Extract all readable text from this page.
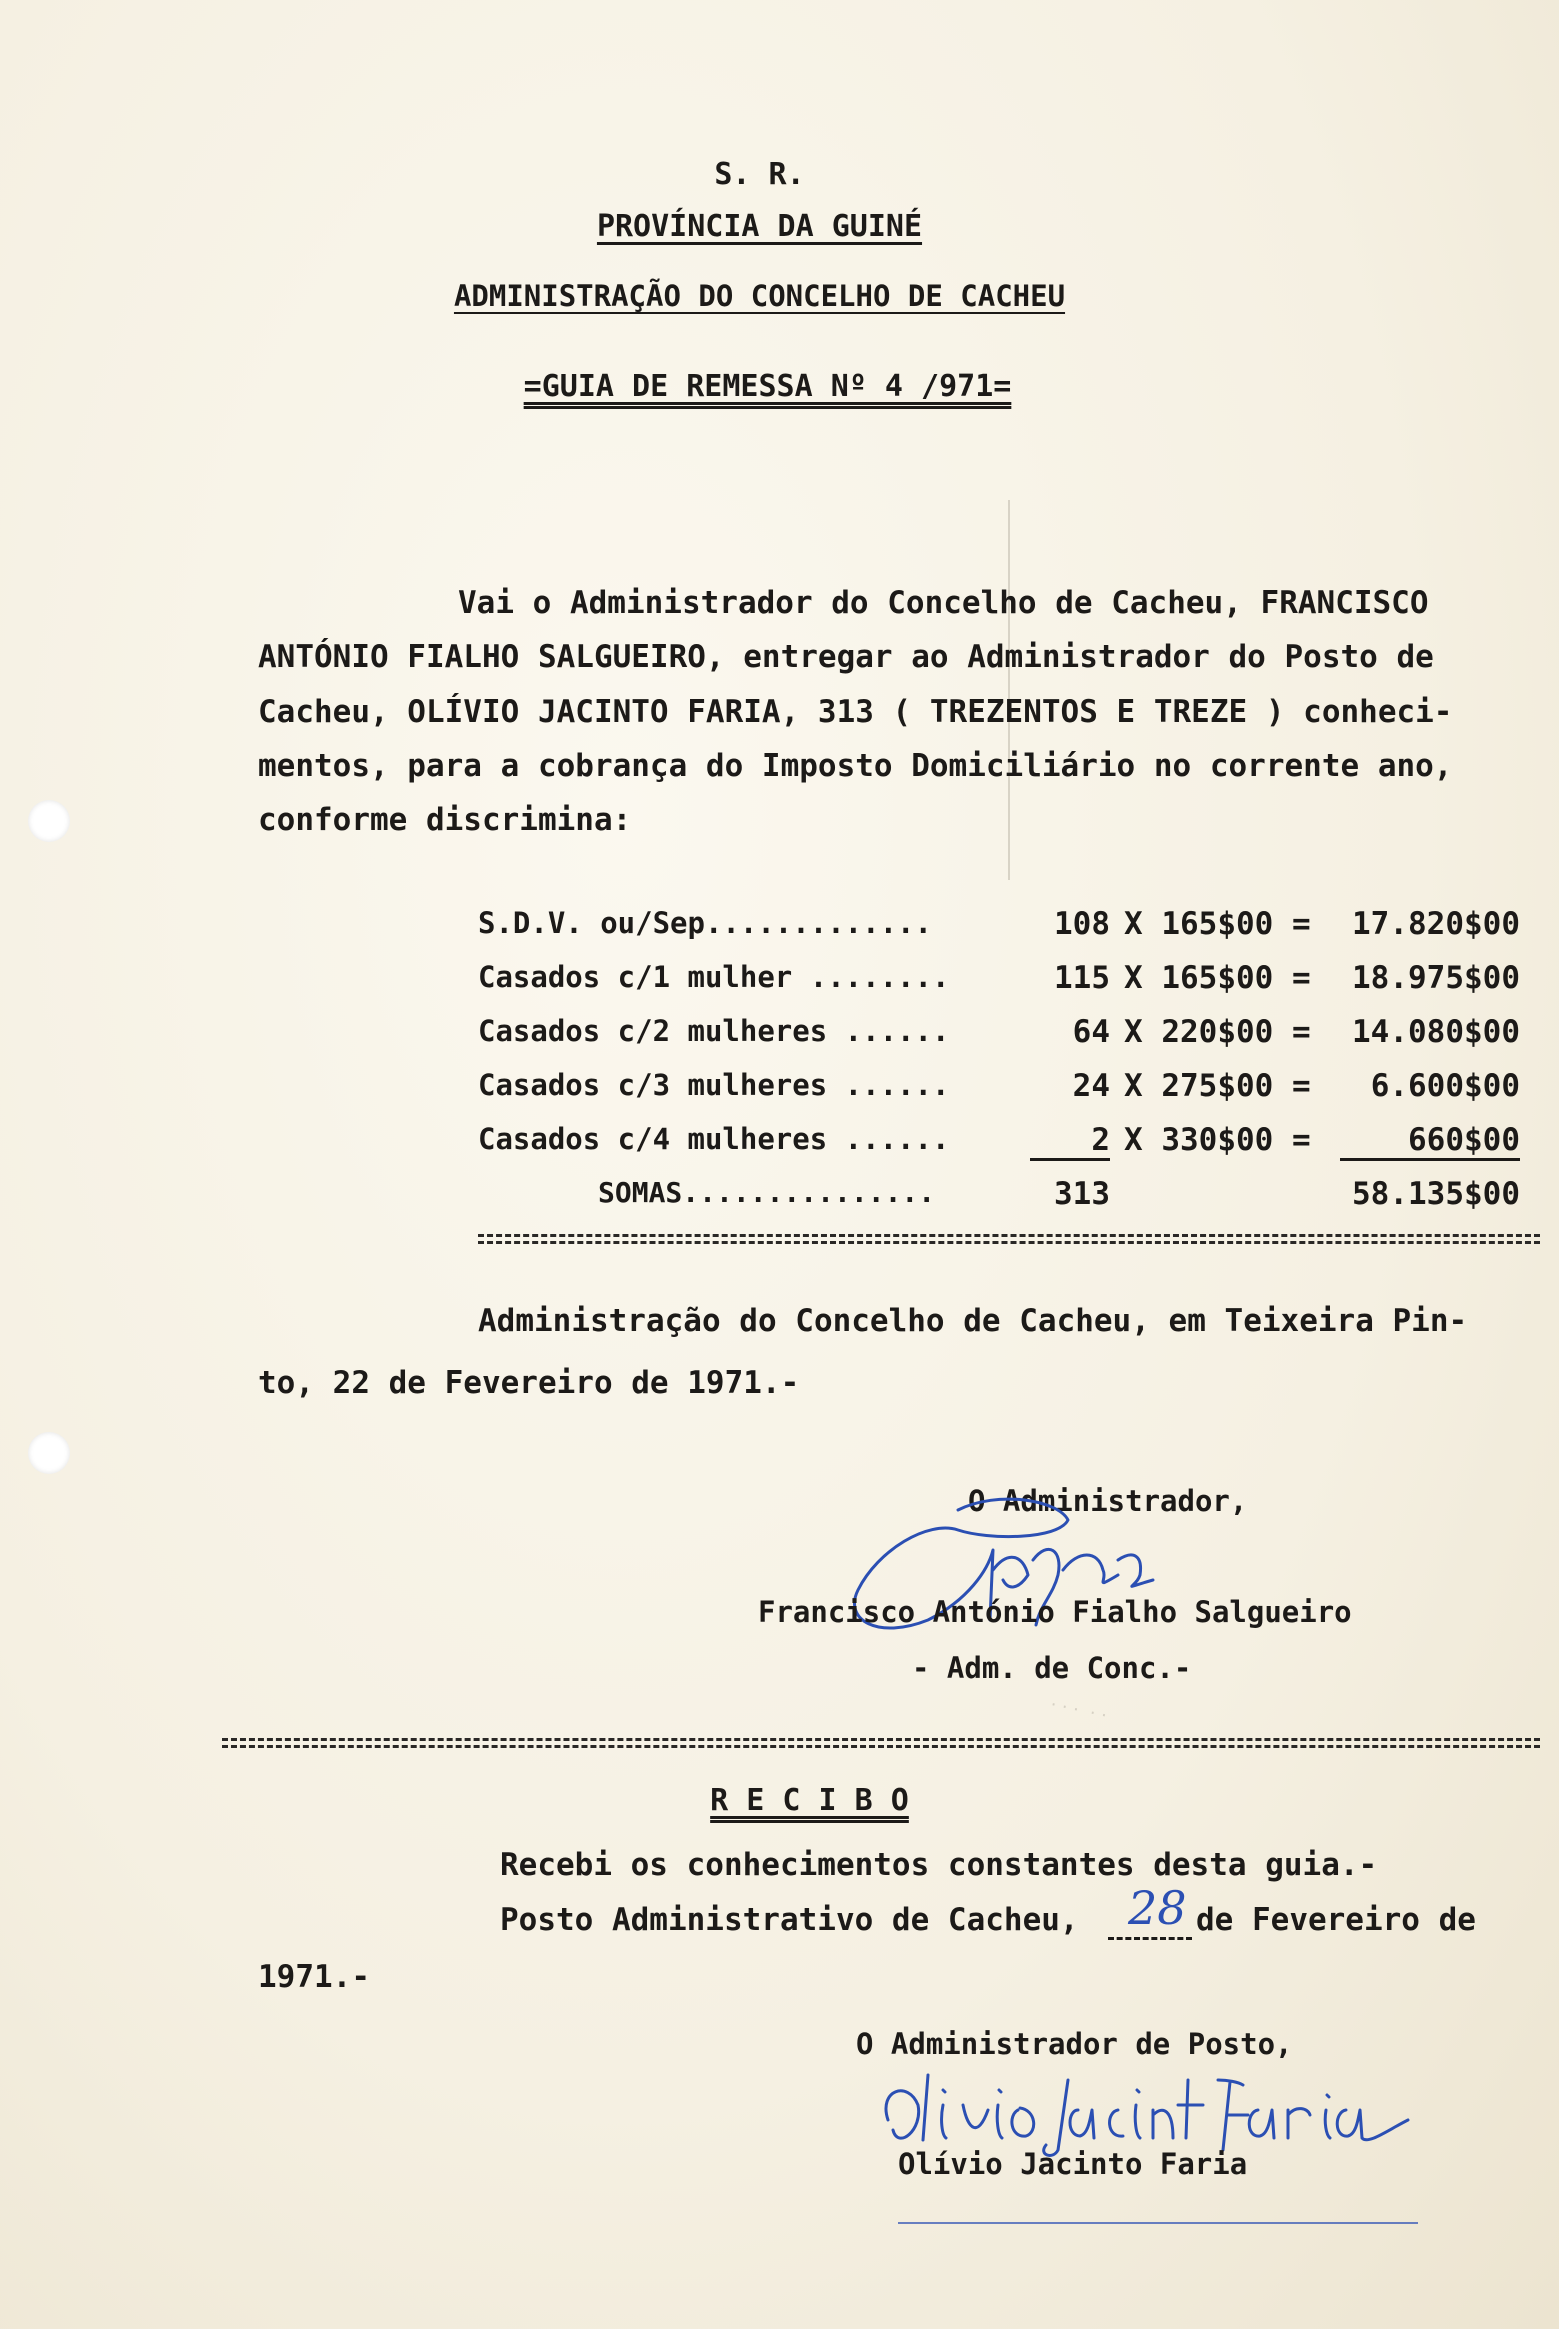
S. R.
PROVÍNCIA DA GUINÉ
ADMINISTRAÇÃO DO CONCELHO DE CACHEU
=GUIA DE REMESSA Nº 4 /971=
Vai o Administrador do Concelho de Cacheu, FRANCISCO
ANTÓNIO FIALHO SALGUEIRO, entregar ao Administrador do Posto de
Cacheu, OLÍVIO JACINTO FARIA, 313 ( TREZENTOS E TREZE ) conheci-
mentos, para a cobrança do Imposto Domiciliário no corrente ano,
conforme discrimina:
S.D.V. ou/Sep.............	108 X 165$00 =	17.820$00
Casados c/1 mulher ........	115 X 165$00 =	18.975$00
Casados c/2 mulheres ......	64 X 220$00 =	14.080$00
Casados c/3 mulheres ......	24 X 275$00 =	6.600$00
Casados c/4 mulheres ......	2 X 330$00 =	660$00
SOMAS...............	313	58.135$00
Administração do Concelho de Cacheu, em Teixeira Pin-
to, 22 de Fevereiro de 1971.-
O Administrador,
Francisco António Fialho Salgueiro
- Adm. de Conc.-
· · ·  · ·
R E C I B O
Recebi os conhecimentos constantes desta guia.-
Posto Administrativo de Cacheu, 28 de Fevereiro de
1971.-
O Administrador de Posto,
Olívio Jacinto Faria
